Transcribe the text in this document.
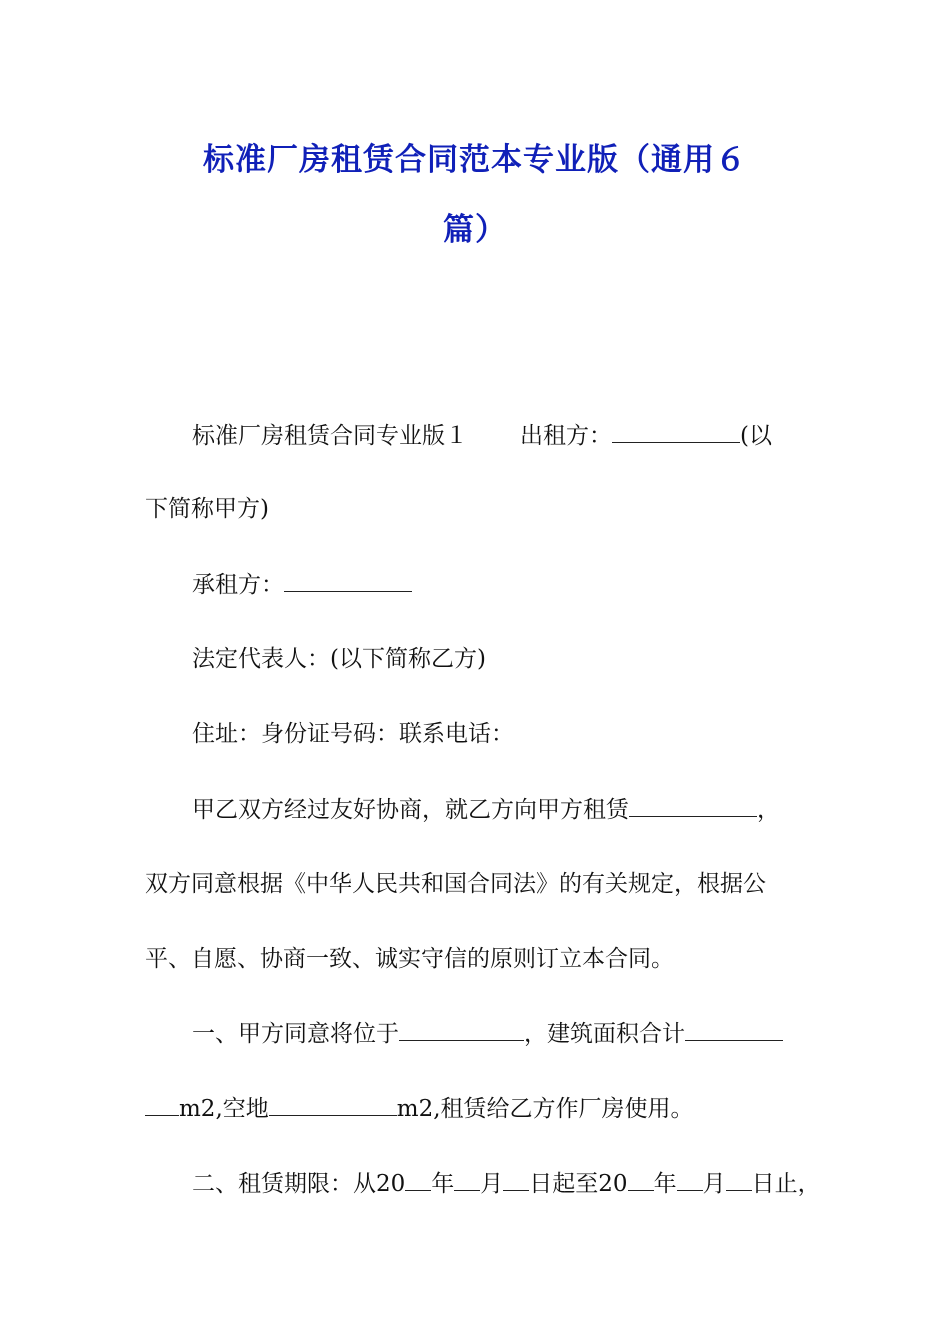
标准厂房租赁合同范本专业版（通用６
篇）
标准厂房租赁合同专业版１ 出租方：	(以
下简称甲方)
承租方：
法定代表人：(以下简称乙方)
住址：身份证号码：联系电话：
甲乙双方经过友好协商，就乙方向甲方租赁	，
双方同意根据《中华人民共和国合同法》的有关规定，根据公
平、自愿、协商一致、诚实守信的原则订立本合同。
一、甲方同意将位于	，建筑面积合计
m2,空地	m2,租赁给乙方作厂房使用。
二、租赁期限：从20 年 月 日起至20 年 月 日止，
